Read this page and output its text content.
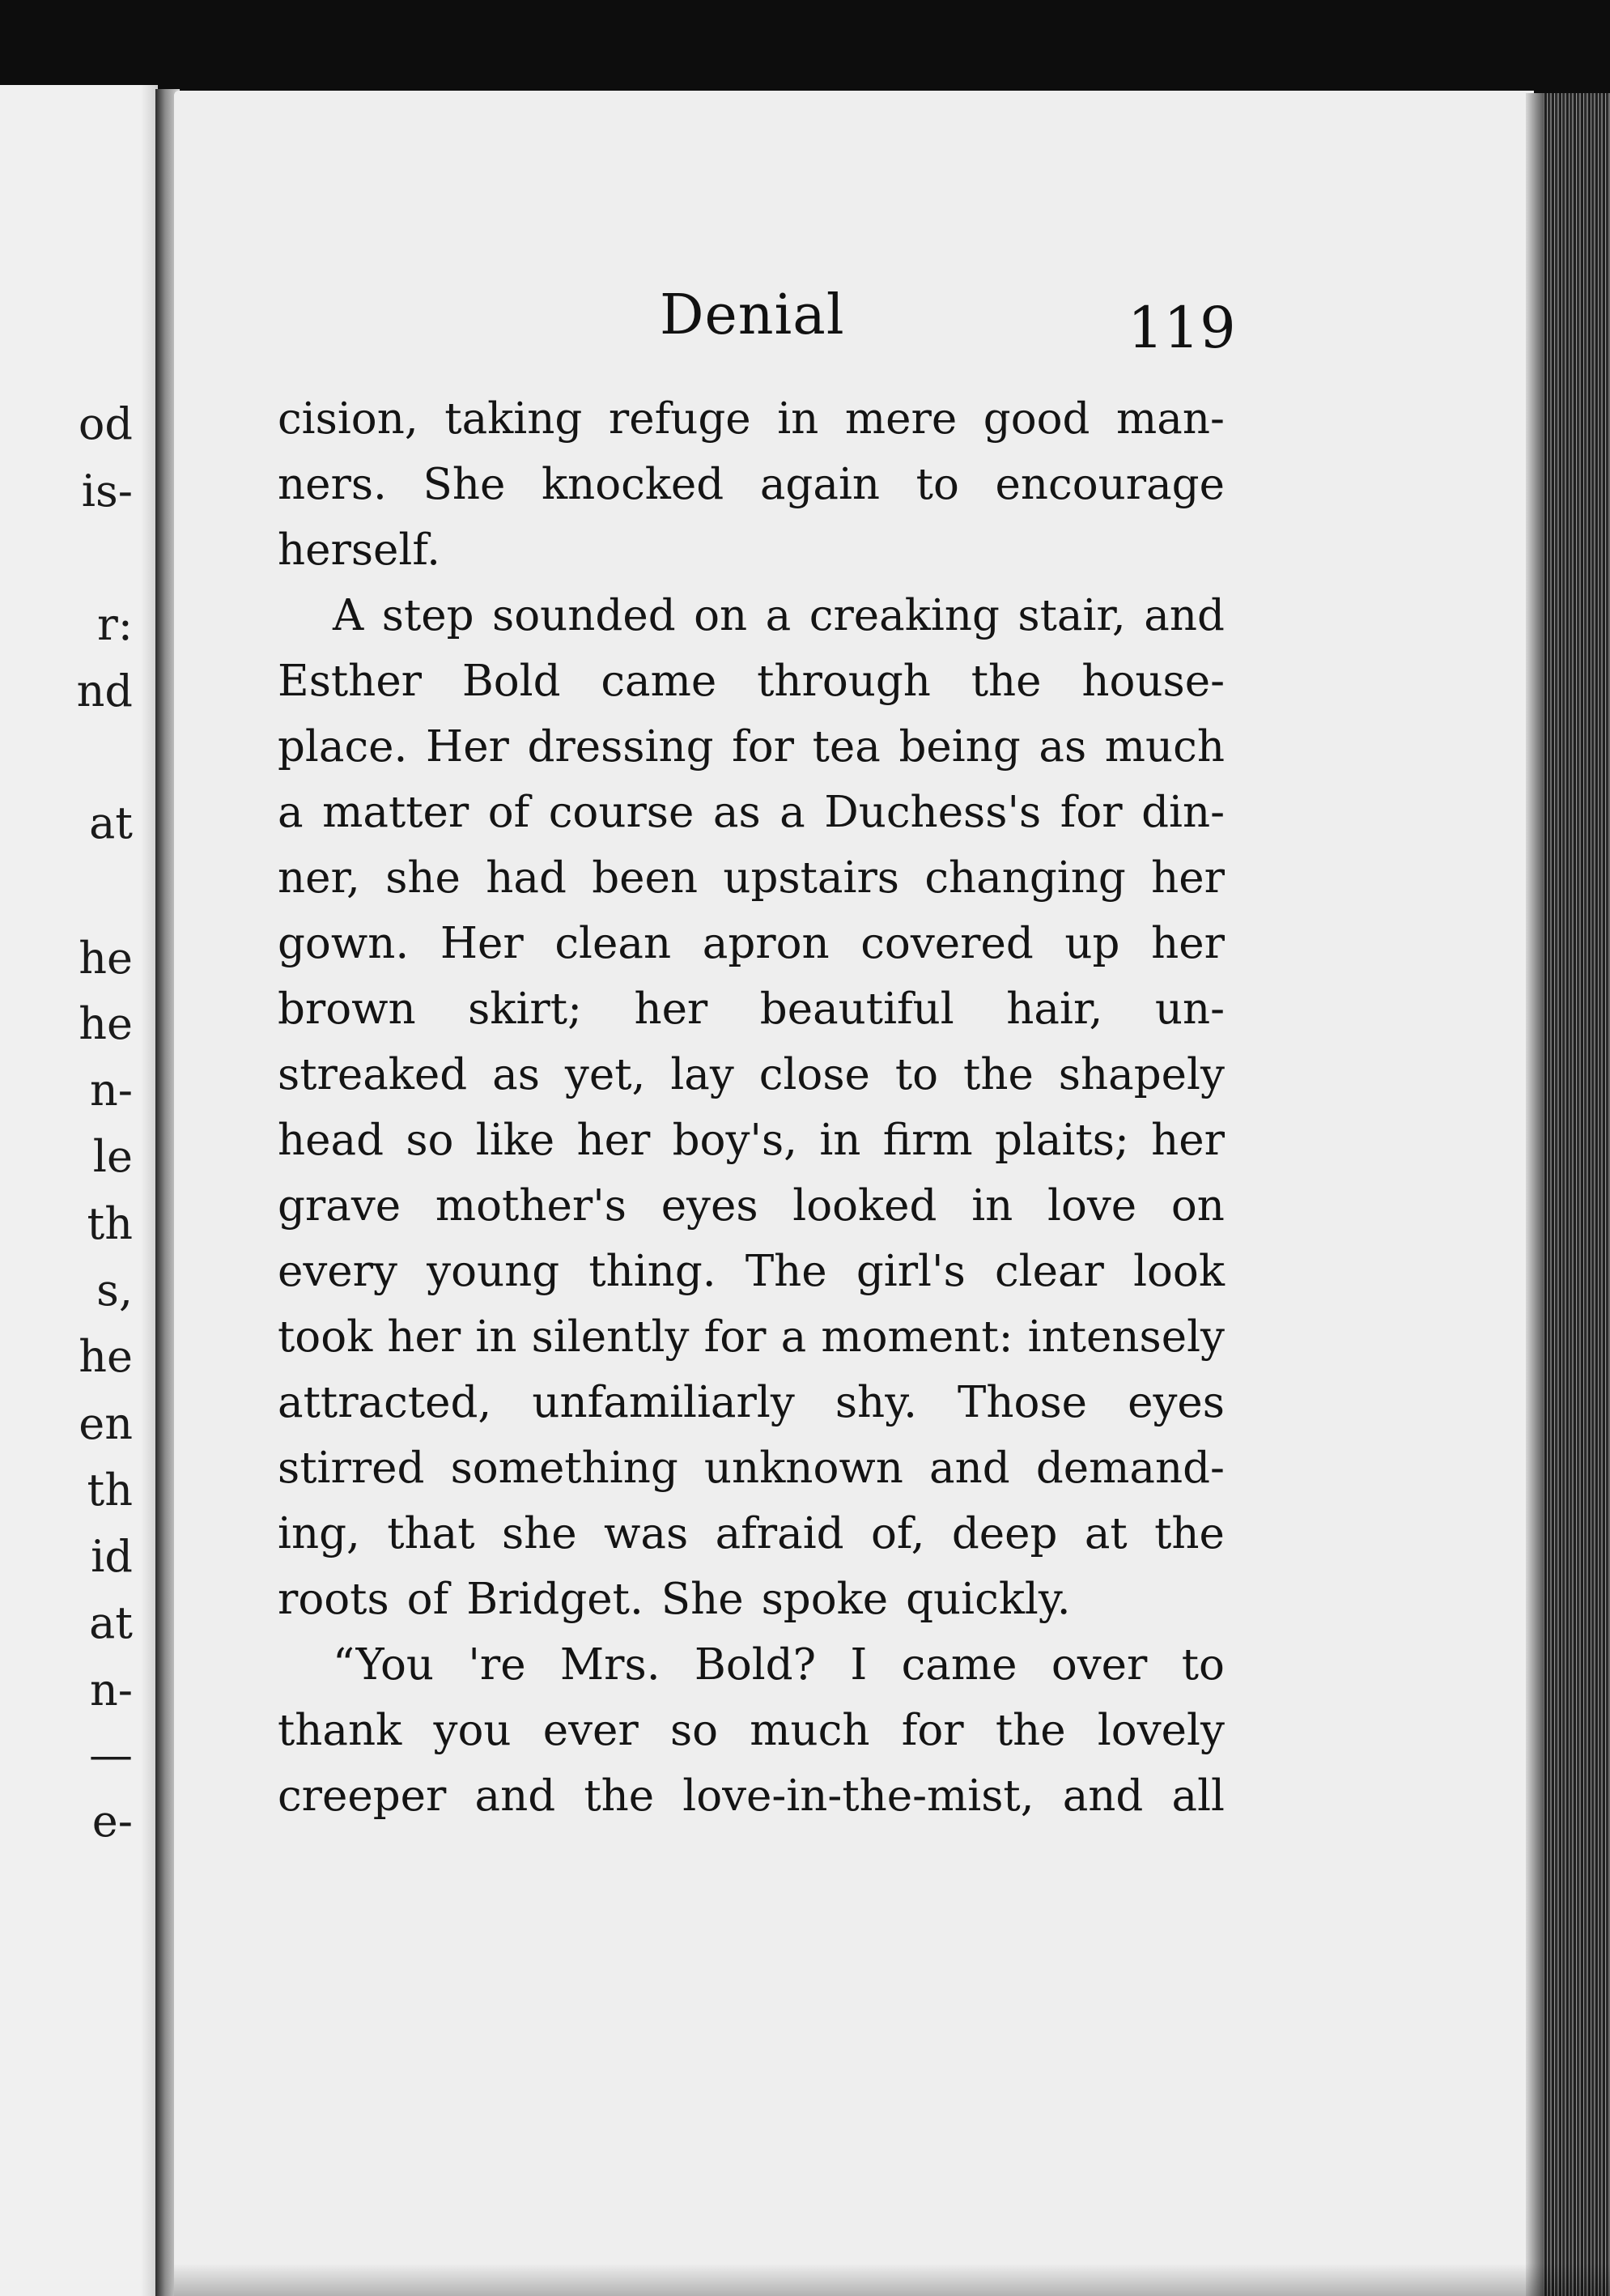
od

is-

r:

nd

at

he

he

n-

le

th

s,

he

en

th

id

at

n-

—

e-

Denial	119
cision, taking refuge in mere good man-
ners. She knocked again to encourage
herself.
A step sounded on a creaking stair, and
Esther Bold came through the house-
place. Her dressing for tea being as much
a matter of course as a Duchess's for din-
ner, she had been upstairs changing her
gown. Her clean apron covered up her
brown skirt; her beautiful hair, un-
streaked as yet, lay close to the shapely
head so like her boy's, in firm plaits; her
grave mother's eyes looked in love on
every young thing. The girl's clear look
took her in silently for a moment: intensely
attracted, unfamiliarly shy. Those eyes
stirred something unknown and demand-
ing, that she was afraid of, deep at the
roots of Bridget. She spoke quickly.
“You 're Mrs. Bold? I came over to
thank you ever so much for the lovely
creeper and the love-in-the-mist, and all
